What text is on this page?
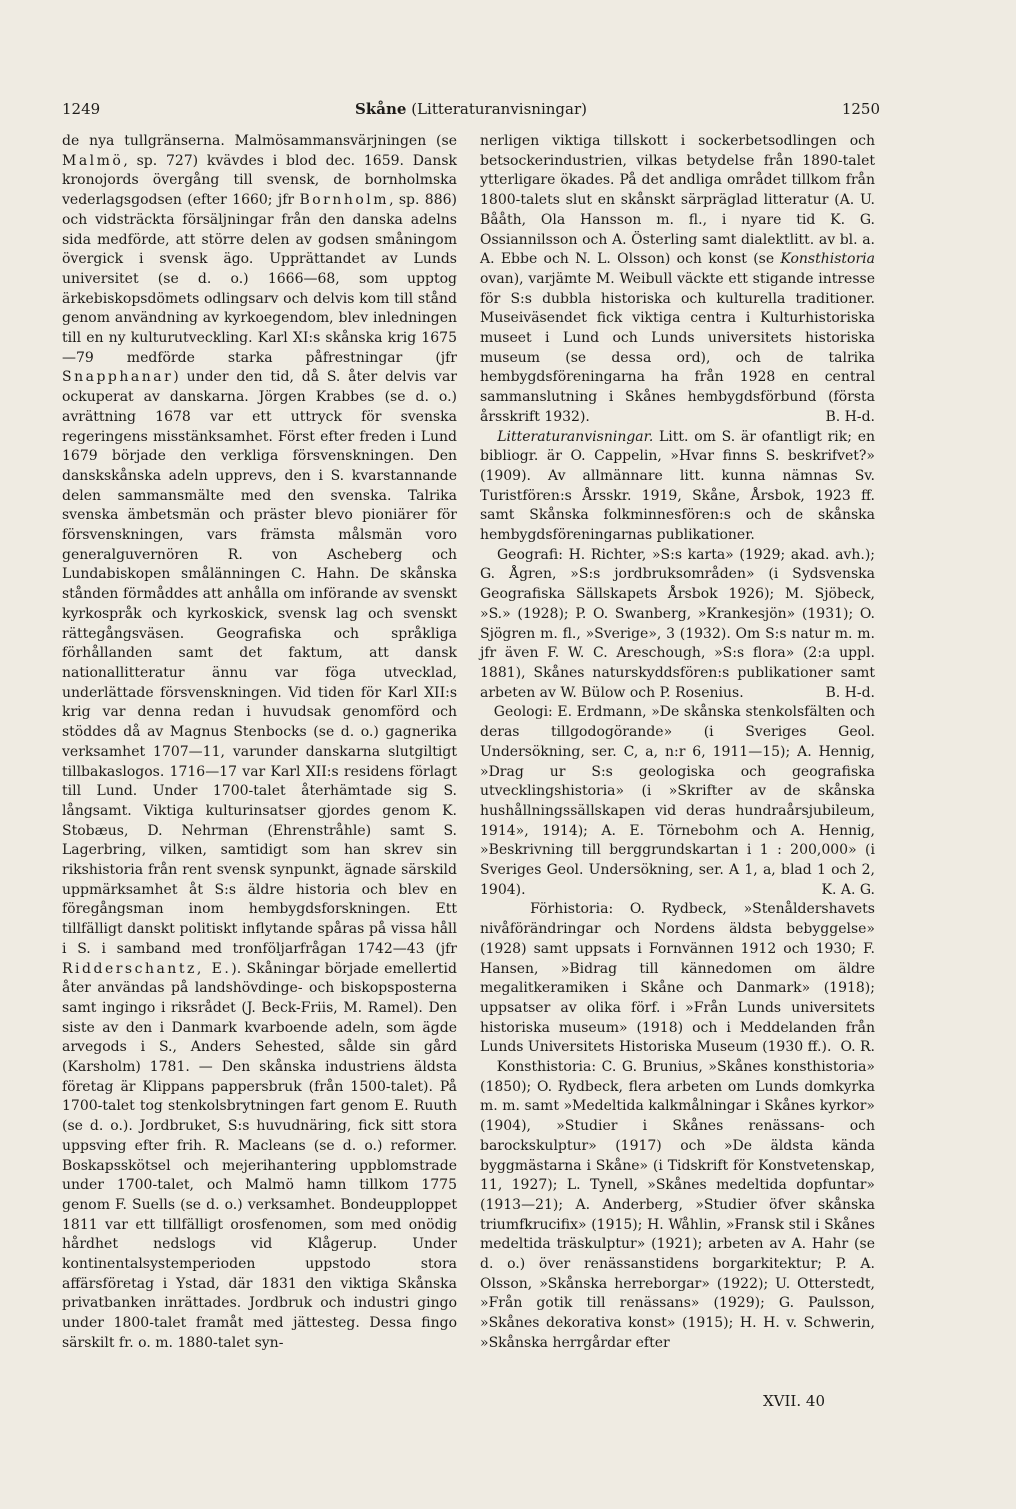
1249	Skåne (Litteraturanvisningar)	1250

de nya tullgränserna. Malmösammansvärjningen (se Malmö, sp. 727) kvävdes i blod dec. 1659. Dansk kronojords övergång till svensk, de bornholmska vederlagsgodsen (efter 1660; jfr Bornholm, sp. 886) och vidsträckta försäljningar från den danska adelns sida medförde, att större delen av godsen småningom övergick i svensk ägo. Upprättandet av Lunds universitet (se d. o.) 1666—68, som upptog ärkebiskopsdömets odlingsarv och delvis kom till stånd genom användning av kyrkoegendom, blev inledningen till en ny kulturutveckling. Karl XI:s skånska krig 1675—79 medförde starka påfrestningar (jfr Snapphanar) under den tid, då S. åter delvis var ockuperat av danskarna. Jörgen Krabbes (se d. o.) avrättning 1678 var ett uttryck för svenska regeringens misstänksamhet. Först efter freden i Lund 1679 började den verkliga försvenskningen. Den danskskånska adeln upprevs, den i S. kvarstannande delen sammansmälte med den svenska. Talrika svenska ämbetsmän och präster blevo pioniärer för försvenskningen, vars främsta målsmän voro generalguvernören R. von Ascheberg och Lundabiskopen smålänningen C. Hahn. De skånska stånden förmåddes att anhålla om införande av svenskt kyrkospråk och kyrkoskick, svensk lag och svenskt rättegångsväsen. Geografiska och språkliga förhållanden samt det faktum, att dansk nationallitteratur ännu var föga utvecklad, underlättade försvenskningen. Vid tiden för Karl XII:s krig var denna redan i huvudsak genomförd och stöddes då av Magnus Stenbocks (se d. o.) gagnerika verksamhet 1707—11, varunder danskarna slutgiltigt tillbakaslogos. 1716—17 var Karl XII:s residens förlagt till Lund. Under 1700-talet återhämtade sig S. långsamt. Viktiga kulturinsatser gjordes genom K. Stobæus, D. Nehrman (Ehrenstråhle) samt S. Lagerbring, vilken, samtidigt som han skrev sin rikshistoria från rent svensk synpunkt, ägnade särskild uppmärksamhet åt S:s äldre historia och blev en föregångsman inom hembygdsforskningen. Ett tillfälligt danskt politiskt inflytande spåras på vissa håll i S. i samband med tronföljarfrågan 1742—43 (jfr Ridderschantz, E.). Skåningar började emellertid åter användas på landshövdinge- och biskopsposterna samt ingingo i riksrådet (J. Beck-Friis, M. Ramel). Den siste av den i Danmark kvarboende adeln, som ägde arvegods i S., Anders Sehested, sålde sin gård (Karsholm) 1781. — Den skånska industriens äldsta företag är Klippans pappersbruk (från 1500-talet). På 1700-talet tog stenkolsbrytningen fart genom E. Ruuth (se d. o.). Jordbruket, S:s huvudnäring, fick sitt stora uppsving efter frih. R. Macleans (se d. o.) reformer. Boskapsskötsel och mejerihantering uppblomstrade under 1700-talet, och Malmö hamn tillkom 1775 genom F. Suells (se d. o.) verksamhet. Bondeupploppet 1811 var ett tillfälligt orosfenomen, som med onödig hårdhet nedslogs vid Klågerup. Under kontinentalsystemperioden uppstodo stora affärsföretag i Ystad, där 1831 den viktiga Skånska privatbanken inrättades. Jordbruk och industri gingo under 1800-talet framåt med jättesteg. Dessa fingo särskilt fr. o. m. 1880-talet syn-

nerligen viktiga tillskott i sockerbetsodlingen och betsockerindustrien, vilkas betydelse från 1890-talet ytterligare ökades. På det andliga området tillkom från 1800-talets slut en skånskt särpräglad litteratur (A. U. Bååth, Ola Hansson m. fl., i nyare tid K. G. Ossiannilsson och A. Österling samt dialektlitt. av bl. a. A. Ebbe och N. L. Olsson) och konst (se Konsthistoria ovan), varjämte M. Weibull väckte ett stigande intresse för S:s dubbla historiska och kulturella traditioner. Museiväsendet fick viktiga centra i Kulturhistoriska museet i Lund och Lunds universitets historiska museum (se dessa ord), och de talrika hembygdsföreningarna ha från 1928 en central sammanslutning i Skånes hembygdsförbund (första årsskrift 1932).	B. H-d.

Litteraturanvisningar. Litt. om S. är ofantligt rik; en bibliogr. är O. Cappelin, »Hvar finns S. beskrifvet?» (1909). Av allmännare litt. kunna nämnas Sv. Turistfören:s Årsskr. 1919, Skåne, Årsbok, 1923 ff. samt Skånska folkminnesfören:s och de skånska hembygdsföreningarnas publikationer.

Geografi: H. Richter, »S:s karta» (1929; akad. avh.); G. Ågren, »S:s jordbruksområden» (i Sydsvenska Geografiska Sällskapets Årsbok 1926); M. Sjöbeck, »S.» (1928); P. O. Swanberg, »Krankesjön» (1931); O. Sjögren m. fl., »Sverige», 3 (1932). Om S:s natur m. m. jfr även F. W. C. Areschough, »S:s flora» (2:a uppl. 1881), Skånes naturskyddsfören:s publikationer samt arbeten av W. Bülow och P. Rosenius.	B. H-d.

Geologi: E. Erdmann, »De skånska stenkolsfälten och deras tillgodogörande» (i Sveriges Geol. Undersökning, ser. C, a, n:r 6, 1911—15); A. Hennig, »Drag ur S:s geologiska och geografiska utvecklingshistoria» (i »Skrifter av de skånska hushållningssällskapen vid deras hundraårsjubileum, 1914», 1914); A. E. Törnebohm och A. Hennig, »Beskrivning till berggrundskartan i 1 : 200,000» (i Sveriges Geol. Undersökning, ser. A 1, a, blad 1 och 2, 1904).	K. A. G.

Förhistoria: O. Rydbeck, »Stenåldershavets nivåförändringar och Nordens äldsta bebyggelse» (1928) samt uppsats i Fornvännen 1912 och 1930; F. Hansen, »Bidrag till kännedomen om äldre megalitkeramiken i Skåne och Danmark» (1918); uppsatser av olika förf. i »Från Lunds universitets historiska museum» (1918) och i Meddelanden från Lunds Universitets Historiska Museum (1930 ff.). O. R.

Konsthistoria: C. G. Brunius, »Skånes konsthistoria» (1850); O. Rydbeck, flera arbeten om Lunds domkyrka m. m. samt »Medeltida kalkmålningar i Skånes kyrkor» (1904), »Studier i Skånes renässans- och barockskulptur» (1917) och »De äldsta kända byggmästarna i Skåne» (i Tidskrift för Konstvetenskap, 11, 1927); L. Tynell, »Skånes medeltida dopfuntar» (1913—21); A. Anderberg, »Studier öfver skånska triumfkrucifix» (1915); H. Wåhlin, »Fransk stil i Skånes medeltida träskulptur» (1921); arbeten av A. Hahr (se d. o.) över renässanstidens borgarkitektur; P. A. Olsson, »Skånska herreborgar» (1922); U. Otterstedt, »Från gotik till renässans» (1929); G. Paulsson, »Skånes dekorativa konst» (1915); H. H. v. Schwerin, »Skånska herrgårdar efter

XVII. 40
